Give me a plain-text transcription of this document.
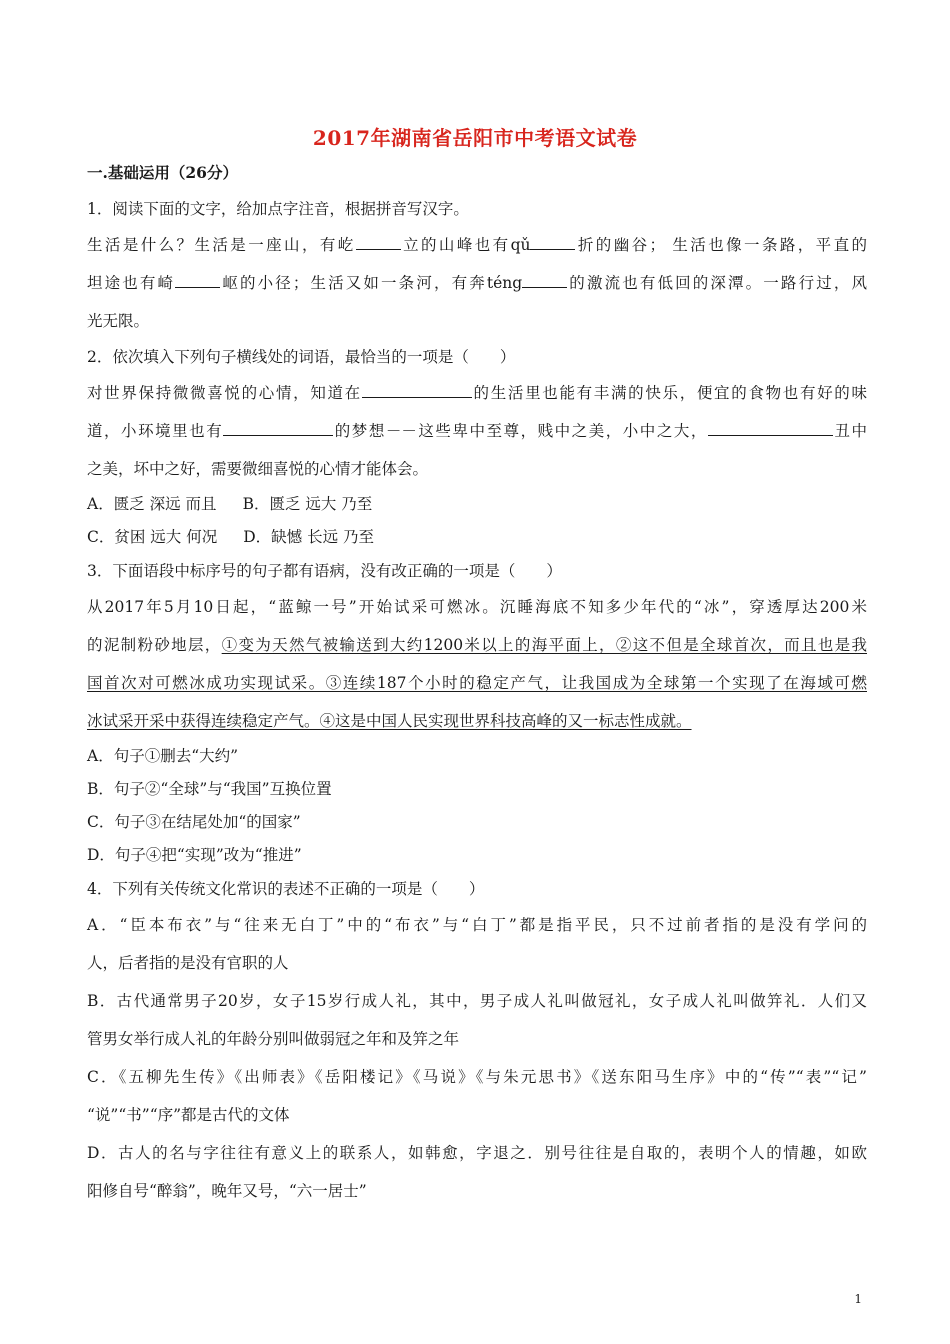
2017年湖南省岳阳市中考语文试卷
一.基础运用（26分）
1．阅读下面的文字，给加点字注音，根据拼音写汉字。
生活是什么？生活是一座山，有屹	立的山峰也有qǔ	折的幽谷； 生活也像一条路，平直的
坦途也有崎	岖的小径；生活又如一条河，有奔téng	的激流也有低回的深潭。一路行过，风
光无限。
2．依次填入下列句子横线处的词语，最恰当的一项是（　　）
对世界保持微微喜悦的心情，知道在	的生活里也能有丰满的快乐，便宜的食物也有好的味
道，小环境里也有	的梦想－－这些卑中至尊，贱中之美，小中之大，	丑中
之美，坏中之好，需要微细喜悦的心情才能体会。
A．匮乏 深远 而且 B．匮乏 远大 乃至
C．贫困 远大 何况 D．缺憾 长远 乃至
3．下面语段中标序号的句子都有语病，没有改正确的一项是（　　）
从2017年5月10日起，“蓝鲸一号”开始试采可燃冰。沉睡海底不知多少年代的“冰”，穿透厚达200米
的泥制粉砂地层，①变为天然气被输送到大约1200米以上的海平面上，②这不但是全球首次，而且也是我
国首次对可燃冰成功实现试采。③连续187个小时的稳定产气，让我国成为全球第一个实现了在海域可燃
冰试采开采中获得连续稳定产气。④这是中国人民实现世界科技高峰的又一标志性成就。
A．句子①删去“大约”
B．句子②“全球”与“我国”互换位置
C．句子③在结尾处加“的国家”
D．句子④把“实现”改为“推进”
4．下列有关传统文化常识的表述不正确的一项是（　　）
A．“臣本布衣”与“往来无白丁”中的“布衣”与“白丁”都是指平民，只不过前者指的是没有学问的
人，后者指的是没有官职的人
B．古代通常男子20岁，女子15岁行成人礼，其中，男子成人礼叫做冠礼，女子成人礼叫做笄礼．人们又
管男女举行成人礼的年龄分别叫做弱冠之年和及笄之年
C．《五柳先生传》《出师表》《岳阳楼记》《马说》《与朱元思书》《送东阳马生序》中的“传”“表”“记”
“说”“书”“序”都是古代的文体
D．古人的名与字往往有意义上的联系人，如韩愈，字退之．别号往往是自取的，表明个人的情趣，如欧
阳修自号“醉翁”，晚年又号，“六一居士”
1
